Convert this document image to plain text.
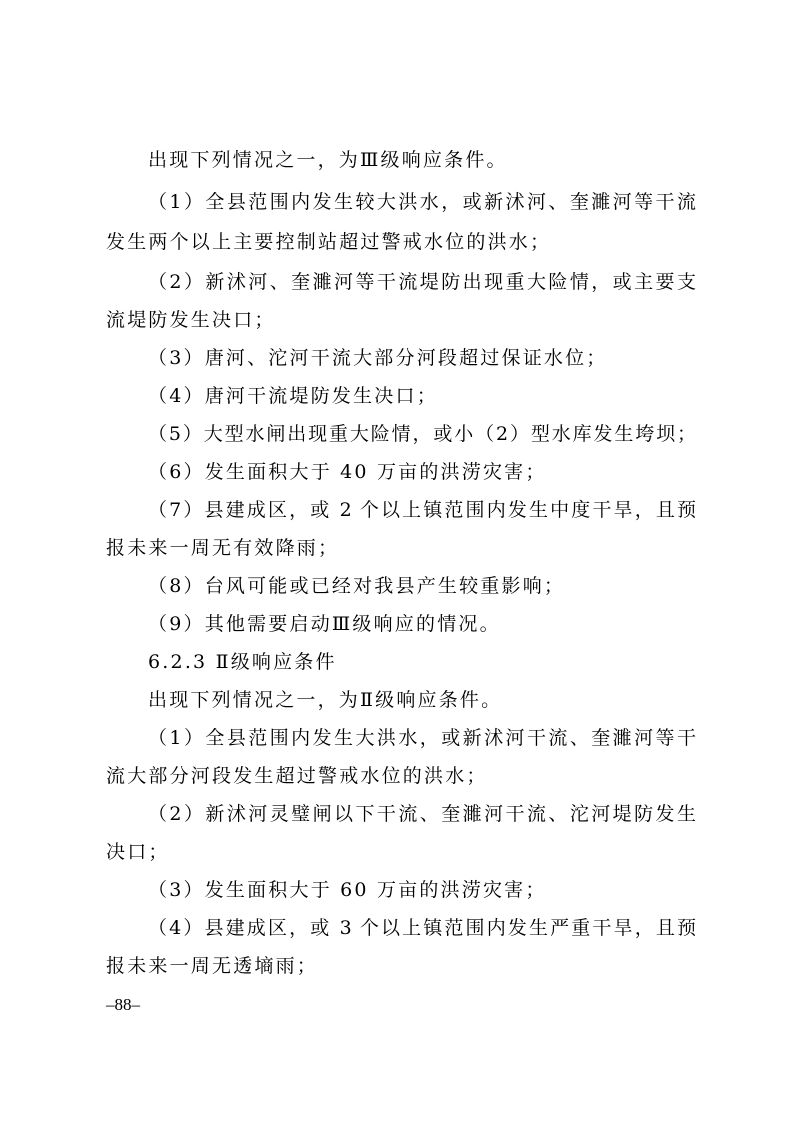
出现下列情况之一，为Ⅲ级响应条件。
（1）全县范围内发生较大洪水，或新沭河、奎濉河等干流
发生两个以上主要控制站超过警戒水位的洪水；
（2）新沭河、奎濉河等干流堤防出现重大险情，或主要支
流堤防发生决口；
（3）唐河、沱河干流大部分河段超过保证水位；
（4）唐河干流堤防发生决口；
（5）大型水闸出现重大险情，或小（2）型水库发生垮坝；
（6）发生面积大于 40 万亩的洪涝灾害；
（7）县建成区，或 2 个以上镇范围内发生中度干旱，且预
报未来一周无有效降雨；
（8）台风可能或已经对我县产生较重影响；
（9）其他需要启动Ⅲ级响应的情况。
6.2.3 Ⅱ级响应条件
出现下列情况之一，为Ⅱ级响应条件。
（1）全县范围内发生大洪水，或新沭河干流、奎濉河等干
流大部分河段发生超过警戒水位的洪水；
（2）新沭河灵璧闸以下干流、奎濉河干流、沱河堤防发生
决口；
（3）发生面积大于 60 万亩的洪涝灾害；
（4）县建成区，或 3 个以上镇范围内发生严重干旱，且预
报未来一周无透墒雨；
–88–
